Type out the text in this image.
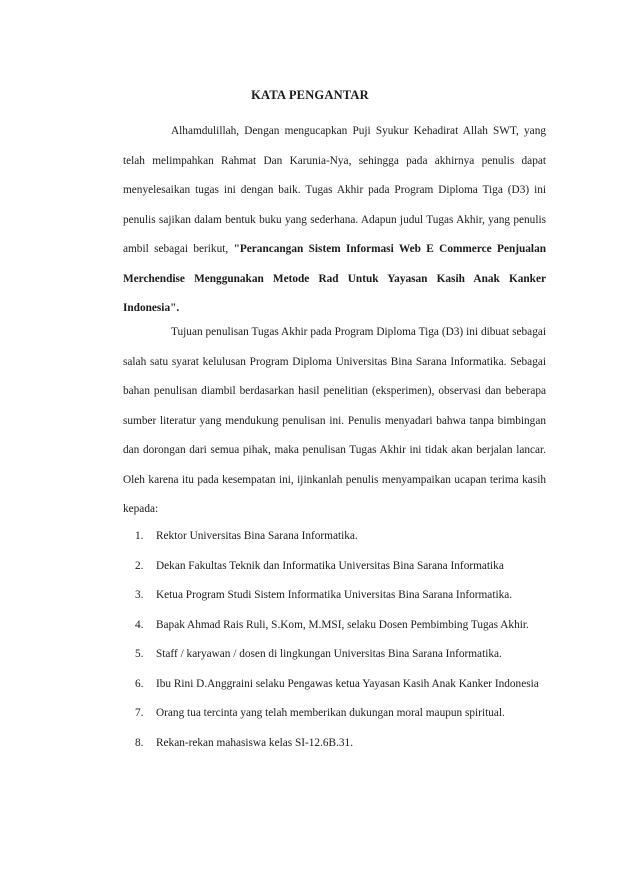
KATA PENGANTAR

Alhamdulillah, Dengan mengucapkan Puji Syukur Kehadirat Allah SWT, yang telah melimpahkan Rahmat Dan Karunia-Nya, sehingga pada akhirnya penulis dapat menyelesaikan tugas ini dengan baik. Tugas Akhir pada Program Diploma Tiga (D3) ini penulis sajikan dalam bentuk buku yang sederhana. Adapun judul Tugas Akhir, yang penulis ambil sebagai berikut, "Perancangan Sistem Informasi Web E Commerce Penjualan Merchendise Menggunakan Metode Rad Untuk Yayasan Kasih Anak Kanker Indonesia".

Tujuan penulisan Tugas Akhir pada Program Diploma Tiga (D3) ini dibuat sebagai salah satu syarat kelulusan Program Diploma Universitas Bina Sarana Informatika. Sebagai bahan penulisan diambil berdasarkan hasil penelitian (eksperimen), observasi dan beberapa sumber literatur yang mendukung penulisan ini. Penulis menyadari bahwa tanpa bimbingan dan dorongan dari semua pihak, maka penulisan Tugas Akhir ini tidak akan berjalan lancar. Oleh karena itu pada kesempatan ini, ijinkanlah penulis menyampaikan ucapan terima kasih kepada:

1.	Rektor Universitas Bina Sarana Informatika.
2.	Dekan Fakultas Teknik dan Informatika Universitas Bina Sarana Informatika
3.	Ketua Program Studi Sistem Informatika Universitas Bina Sarana Informatika.
4.	Bapak Ahmad Rais Ruli, S.Kom, M.MSI, selaku Dosen Pembimbing Tugas Akhir.
5.	Staff / karyawan / dosen di lingkungan Universitas Bina Sarana Informatika.
6.	Ibu Rini D.Anggraini selaku Pengawas ketua Yayasan Kasih Anak Kanker Indonesia
7.	Orang tua tercinta yang telah memberikan dukungan moral maupun spiritual.
8.	Rekan-rekan mahasiswa kelas SI-12.6B.31.
